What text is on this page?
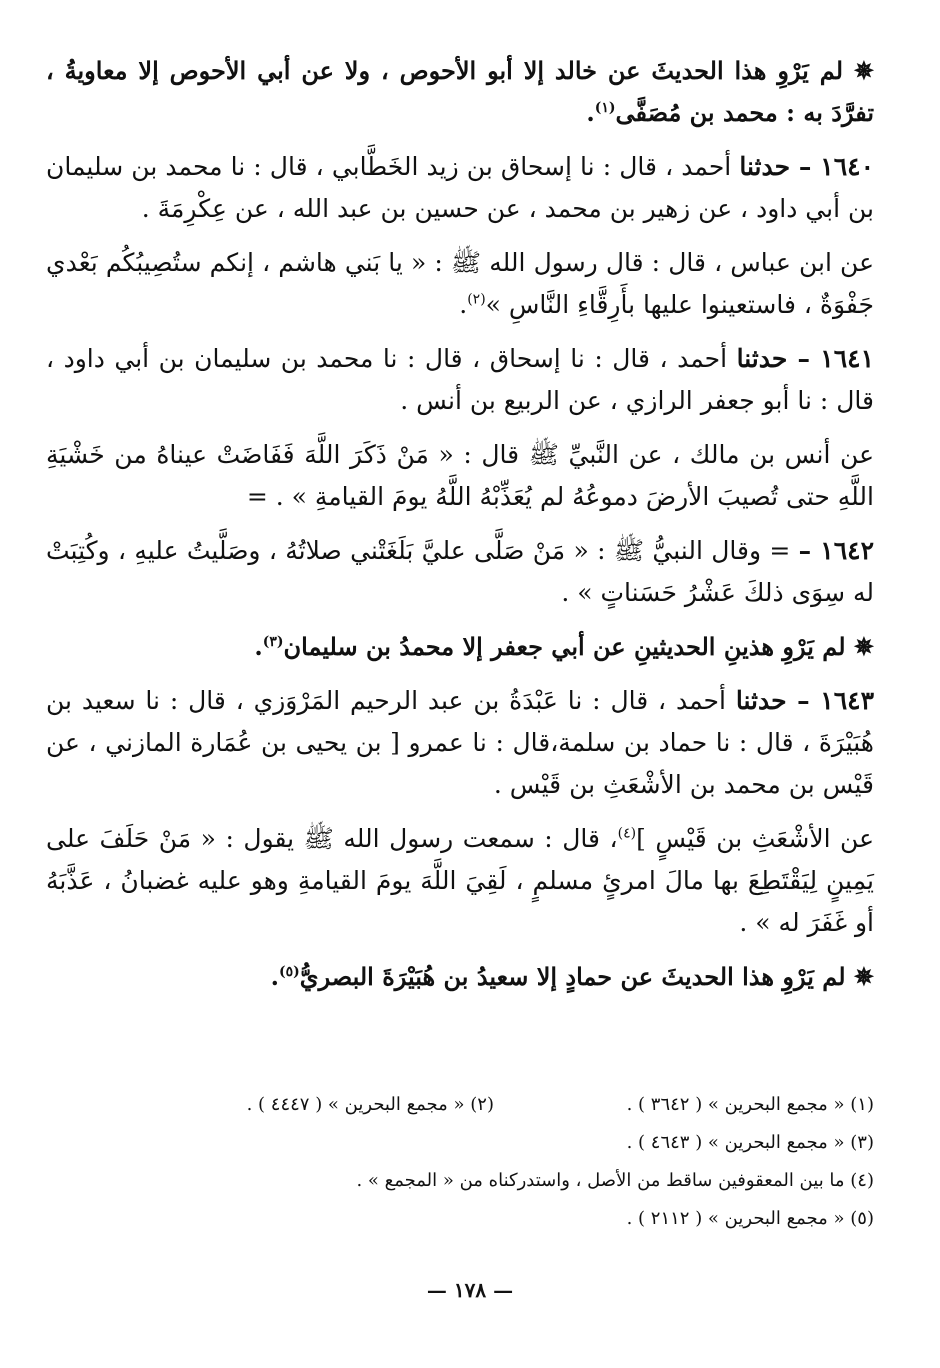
✵ لم يَرْوِ هذا الحديثَ عن خالد إلا أبو الأحوص ، ولا عن أبي الأحوص إلا معاويةُ ، تفرَّدَ به : محمد بن مُصَفَّى$^{(١)}$.

١٦٤٠ – حدثنا أحمد ، قال : نا إسحاق بن زيد الخَطَّابي ، قال : نا محمد بن سليمان بن أبي داود ، عن زهير بن محمد ، عن حسين بن عبد الله ، عن عِكْرِمَةَ .

عن ابن عباس ، قال : قال رسول الله ﷺ : « يا بَني هاشم ، إنكم ستُصِيبُكُم بَعْدي جَفْوَةٌ ، فاستعينوا عليها بأَرِقَّاءِ النَّاسِ »$^{(٢)}$.

١٦٤١ – حدثنا أحمد ، قال : نا إسحاق ، قال : نا محمد بن سليمان بن أبي داود ، قال : نا أبو جعفر الرازي ، عن الربيع بن أنس .

عن أنس بن مالك ، عن النَّبيِّ ﷺ قال : « مَنْ ذَكَرَ اللَّهَ فَفَاضَتْ عيناهُ من خَشْيَةِ اللَّهِ حتى تُصيبَ الأرضَ دموعُهُ لم يُعَذِّبْهُ اللَّهُ يومَ القيامةِ » . =

١٦٤٢ – = وقال النبيُّ ﷺ : « مَنْ صَلَّى عليَّ بَلَغَتْني صلاتُهُ ، وصَلَّيتُ عليهِ ، وكُتِبَتْ له سِوَى ذلكَ عَشْرُ حَسَناتٍ » .

✵ لم يَرْوِ هذينِ الحديثينِ عن أبي جعفر إلا محمدُ بن سليمان$^{(٣)}$.

١٦٤٣ – حدثنا أحمد ، قال : نا عَبْدَةُ بن عبد الرحيم المَرْوَزي ، قال : نا سعيد بن هُبَيْرَةَ ، قال : نا حماد بن سلمة،قال : نا عمرو [ بن يحيى بن عُمَارة المازني ، عن قَيْس بن محمد بن الأشْعَثِ بن قَيْس .

عن الأشْعَثِ بن قَيْسٍ ]$^{(٤)}$، قال : سمعت رسول الله ﷺ يقول : « مَنْ حَلَفَ على يَمِينٍ لِيَقْتَطِعَ بها مالَ امرئٍ مسلمٍ ، لَقِيَ اللَّهَ يومَ القيامةِ وهو عليه غضبانُ ، عَذَّبَهُ أو غَفَرَ له » .

✵ لم يَرْوِ هذا الحديثَ عن حمادٍ إلا سعيدُ بن هُبَيْرَةَ البصريُّ$^{(٥)}$.

(١) « مجمع البحرين » ( ٣٦٤٢ ) .
(٢) « مجمع البحرين » ( ٤٤٤٧ ) .
(٣) « مجمع البحرين » ( ٤٦٤٣ ) .
(٤) ما بين المعقوفين ساقط من الأصل ، واستدركناه من « المجمع » .
(٥) « مجمع البحرين » ( ٢١١٢ ) .
— ١٧٨ —
